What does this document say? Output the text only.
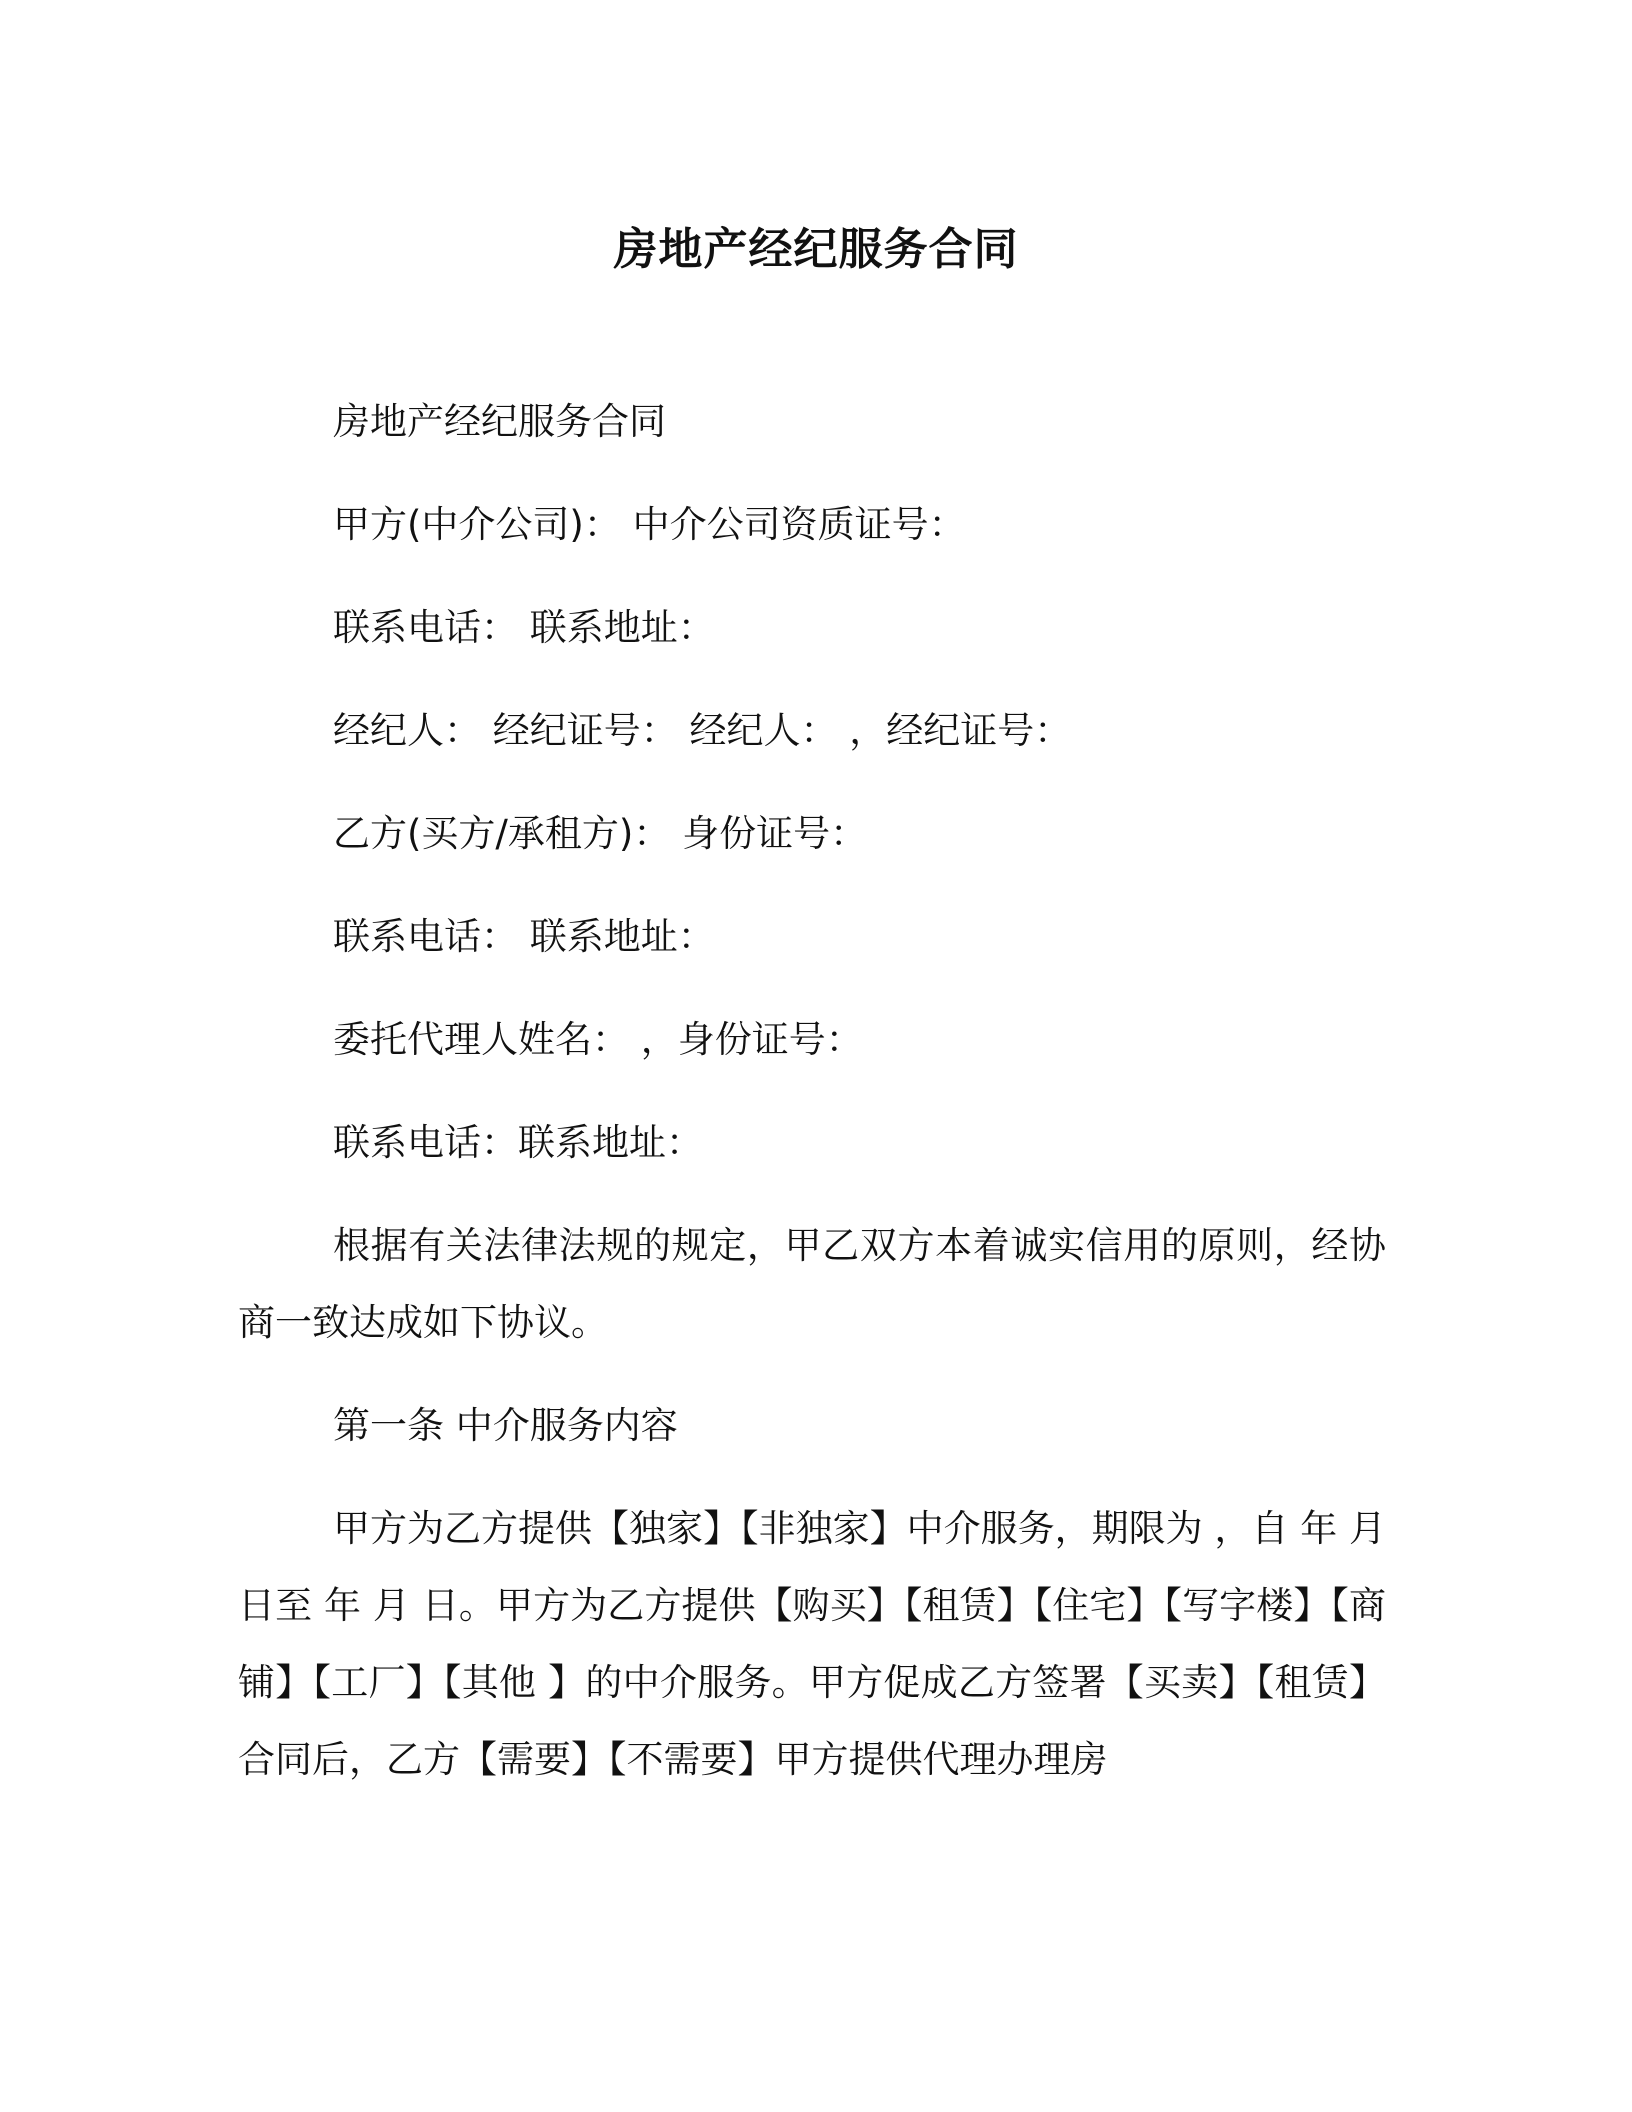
房地产经纪服务合同
房地产经纪服务合同
甲方(中介公司)： 中介公司资质证号：
联系电话： 联系地址：
经纪人： 经纪证号： 经纪人： ，经纪证号：
乙方(买方/承租方)： 身份证号：
联系电话： 联系地址：
委托代理人姓名： ，身份证号：
联系电话：联系地址：

根据有关法律法规的规定，甲乙双方本着诚实信用的原则，经协商一致达成如下协议。

第一条 中介服务内容

甲方为乙方提供【独家】【非独家】中介服务，期限为 ，自 年 月 日至 年 月 日。甲方为乙方提供【购买】【租赁】【住宅】【写字楼】【商铺】【工厂】【其他 】的中介服务。甲方促成乙方签署【买卖】【租赁】合同后，乙方【需要】【不需要】甲方提供代理办理房
